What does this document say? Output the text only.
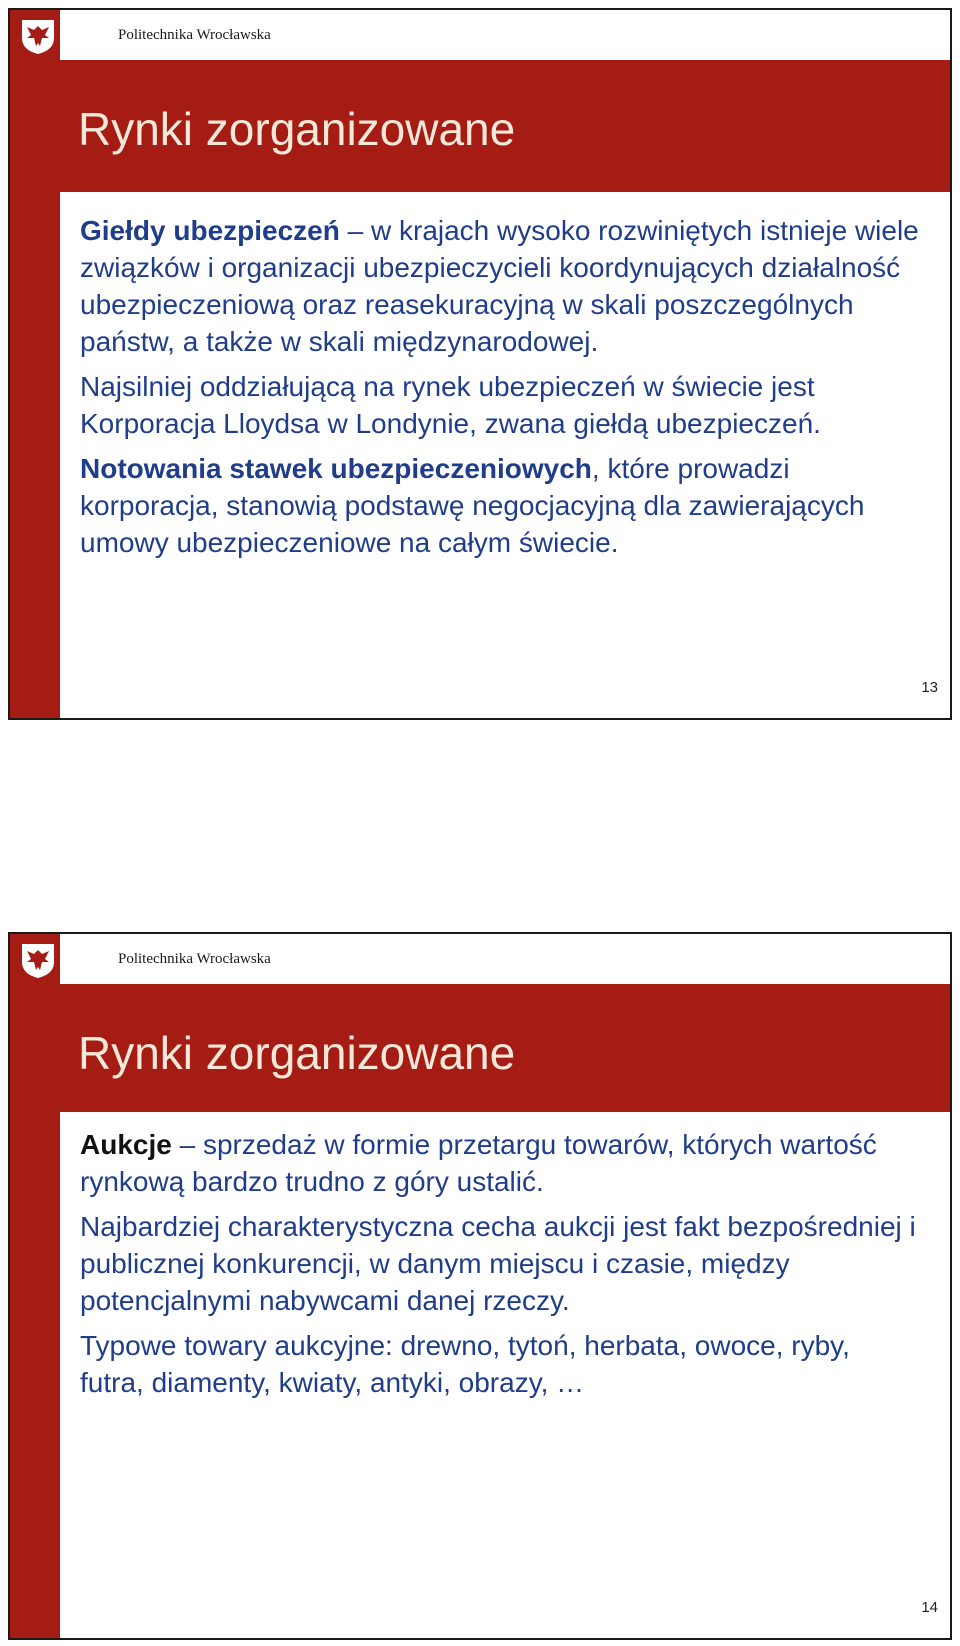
Politechnika Wrocławska
Rynki zorganizowane

Giełdy ubezpieczeń – w krajach wysoko rozwiniętych istnieje wiele związków i organizacji ubezpieczycieli koordynujących działalność ubezpieczeniową oraz reasekuracyjną w skali poszczególnych państw, a także w skali międzynarodowej.

Najsilniej oddziałującą na rynek ubezpieczeń w świecie jest Korporacja Lloydsa w Londynie, zwana giełdą ubezpieczeń.

Notowania stawek ubezpieczeniowych, które prowadzi korporacja, stanowią podstawę negocjacyjną dla zawierających umowy ubezpieczeniowe na całym świecie.

13
Politechnika Wrocławska
Rynki zorganizowane

Aukcje – sprzedaż w formie przetargu towarów, których wartość rynkową bardzo trudno z góry ustalić.

Najbardziej charakterystyczna cecha aukcji jest fakt bezpośredniej i publicznej konkurencji, w danym miejscu i czasie, między potencjalnymi nabywcami danej rzeczy.

Typowe towary aukcyjne: drewno, tytoń, herbata, owoce, ryby, futra, diamenty, kwiaty, antyki, obrazy, …

14
